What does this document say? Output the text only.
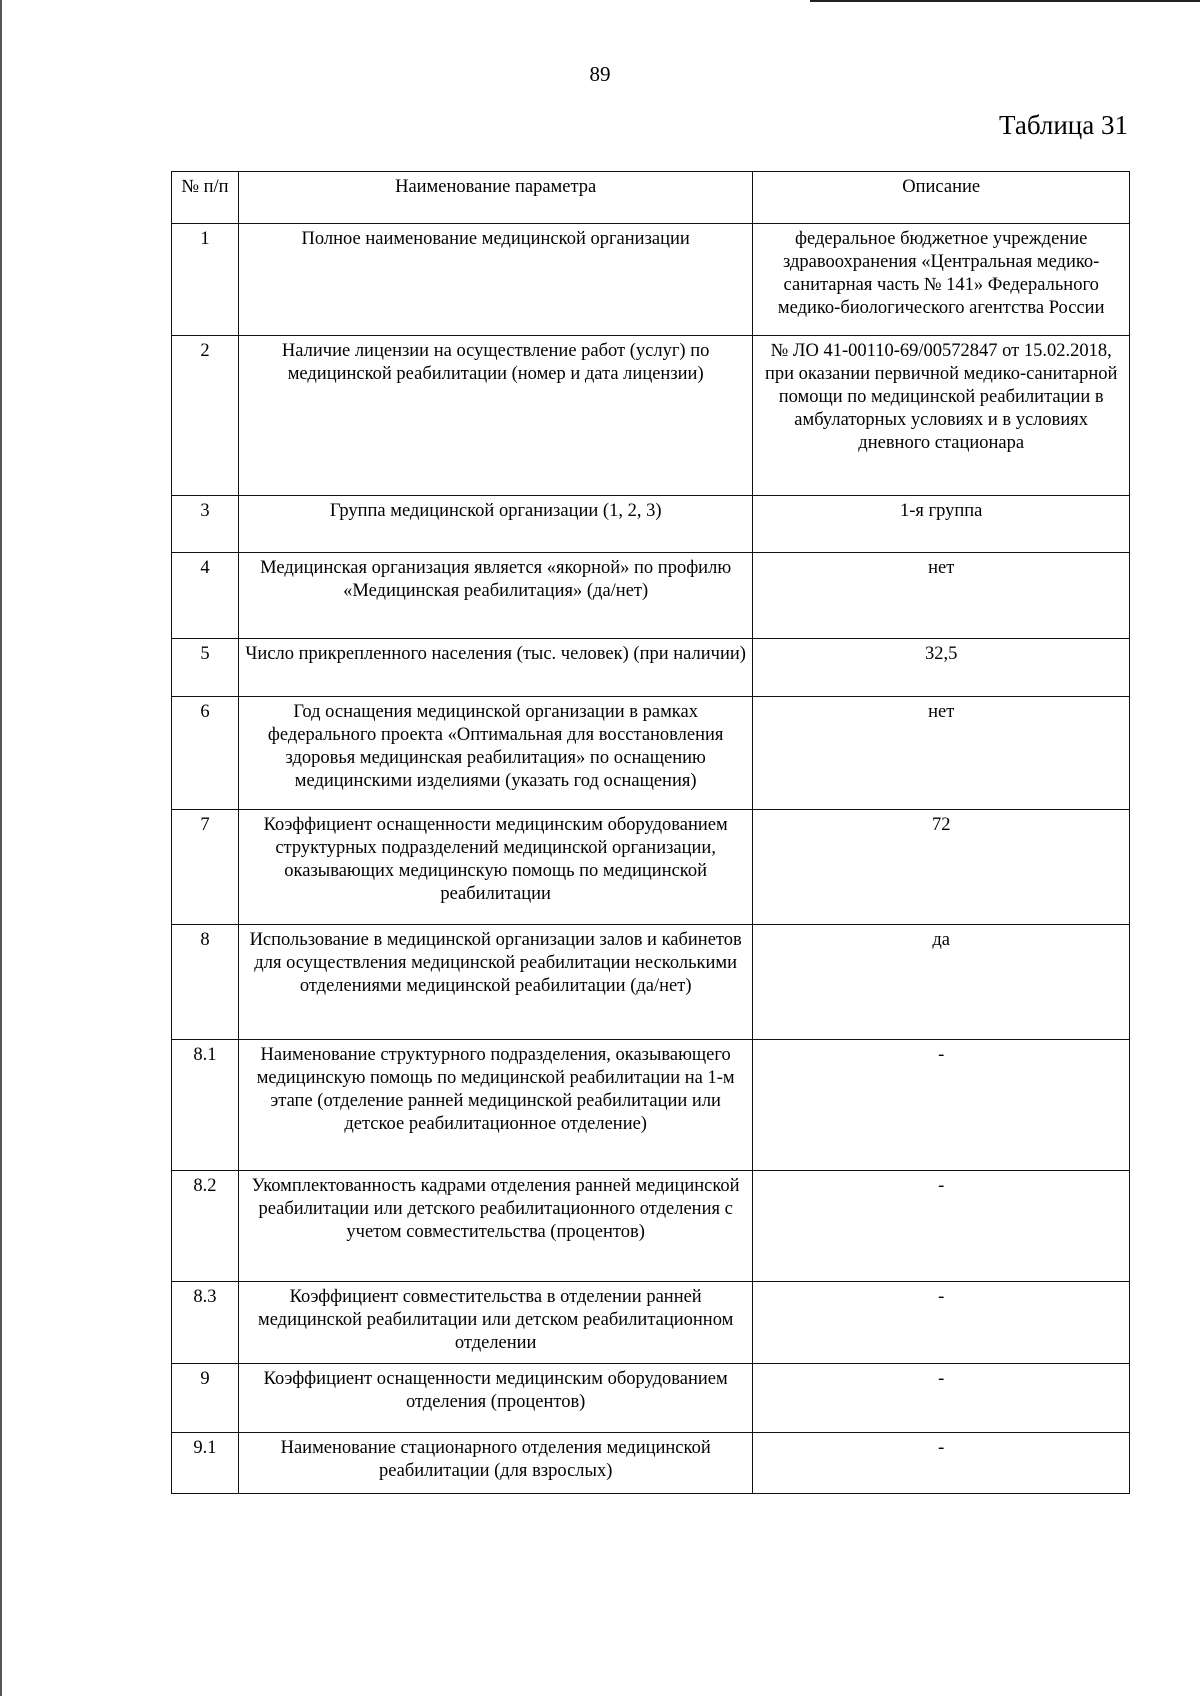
89
Таблица 31
№ п/п	Наименование параметра	Описание
1	Полное наименование медицинской организации	федеральное бюджетное учреждение здравоохранения «Центральная медико-санитарная часть № 141» Федерального медико-биологического агентства России
2	Наличие лицензии на осуществление работ (услуг) по медицинской реабилитации (номер и дата лицензии)	№ ЛО 41-00110-69/00572847 от 15.02.2018, при оказании первичной медико-санитарной помощи по медицинской реабилитации в амбулаторных условиях и в условиях дневного стационара
3	Группа медицинской организации (1, 2, 3)	1-я группа
4	Медицинская организация является «якорной» по профилю «Медицинская реабилитация» (да/нет)	нет
5	Число прикрепленного населения (тыс. человек) (при наличии)	32,5
6	Год оснащения медицинской организации в рамках федерального проекта «Оптимальная для восстановления здоровья медицинская реабилитация» по оснащению медицинскими изделиями (указать год оснащения)	нет
7	Коэффициент оснащенности медицинским оборудованием структурных подразделений медицинской организации, оказывающих медицинскую помощь по медицинской реабилитации	72
8	Использование в медицинской организации залов и кабинетов для осуществления медицинской реабилитации несколькими отделениями медицинской реабилитации (да/нет)	да
8.1	Наименование структурного подразделения, оказывающего медицинскую помощь по медицинской реабилитации на 1-м этапе (отделение ранней медицинской реабилитации или детское реабилитационное отделение)	-
8.2	Укомплектованность кадрами отделения ранней медицинской реабилитации или детского реабилитационного отделения с учетом совместительства (процентов)	-
8.3	Коэффициент совместительства в отделении ранней медицинской реабилитации или детском реабилитационном отделении	-
9	Коэффициент оснащенности медицинским оборудованием отделения (процентов)	-
9.1	Наименование стационарного отделения медицинской реабилитации (для взрослых)	-
